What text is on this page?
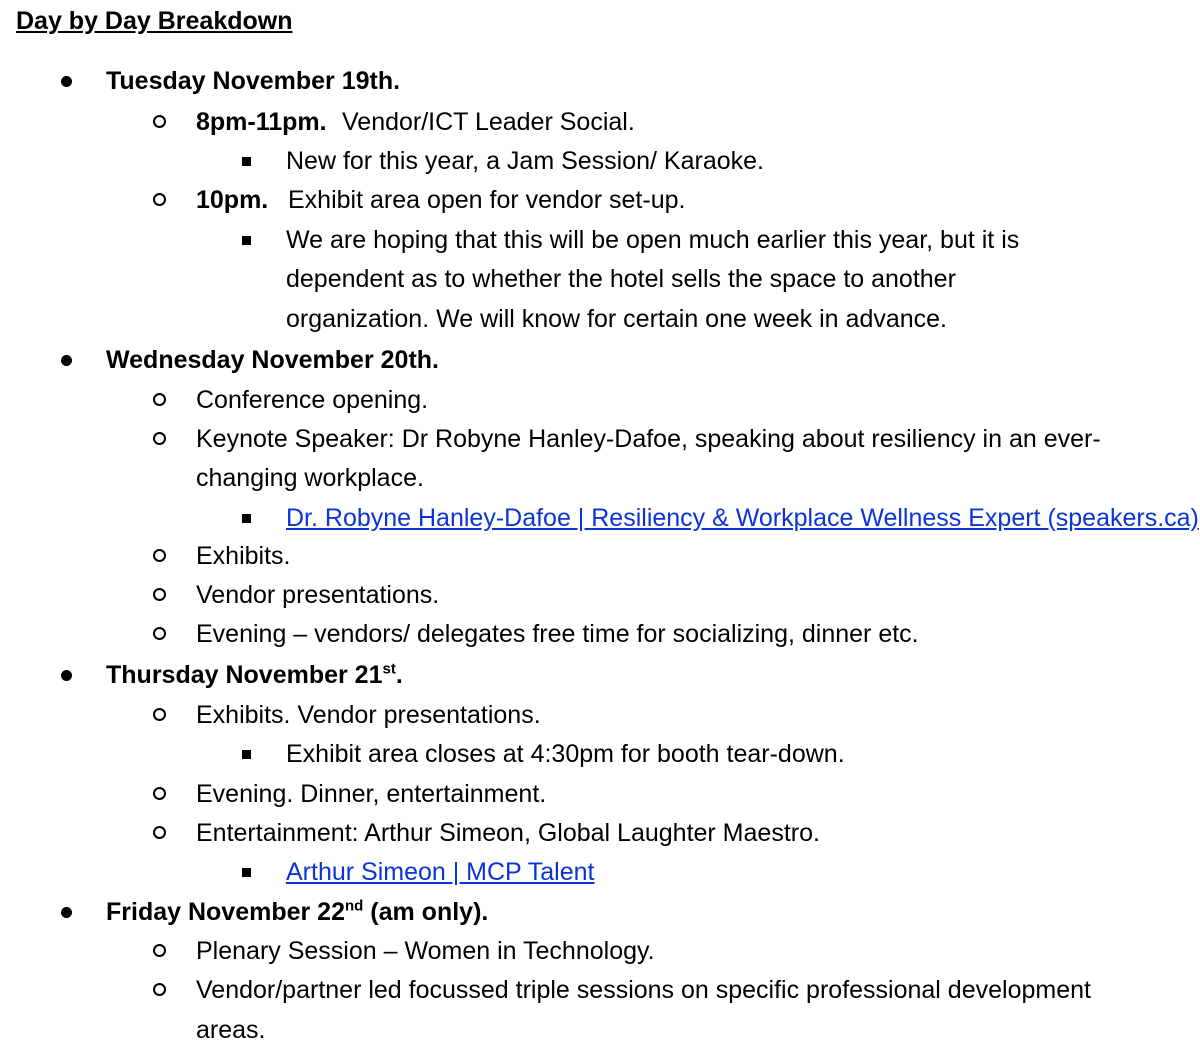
Day by Day Breakdown
Tuesday November 19th.
8pm-11pm. Vendor/ICT Leader Social.
New for this year, a Jam Session/ Karaoke.
10pm. Exhibit area open for vendor set-up.
We are hoping that this will be open much earlier this year, but it is
dependent as to whether the hotel sells the space to another
organization. We will know for certain one week in advance.
Wednesday November 20th.
Conference opening.
Keynote Speaker: Dr Robyne Hanley-Dafoe, speaking about resiliency in an ever-
changing workplace.
Dr. Robyne Hanley-Dafoe | Resiliency & Workplace Wellness Expert (speakers.ca)
Exhibits.
Vendor presentations.
Evening – vendors/ delegates free time for socializing, dinner etc.
Thursday November 21st.
Exhibits. Vendor presentations.
Exhibit area closes at 4:30pm for booth tear-down.
Evening. Dinner, entertainment.
Entertainment: Arthur Simeon, Global Laughter Maestro.
Arthur Simeon | MCP Talent
Friday November 22nd (am only).
Plenary Session – Women in Technology.
Vendor/partner led focussed triple sessions on specific professional development
areas.
